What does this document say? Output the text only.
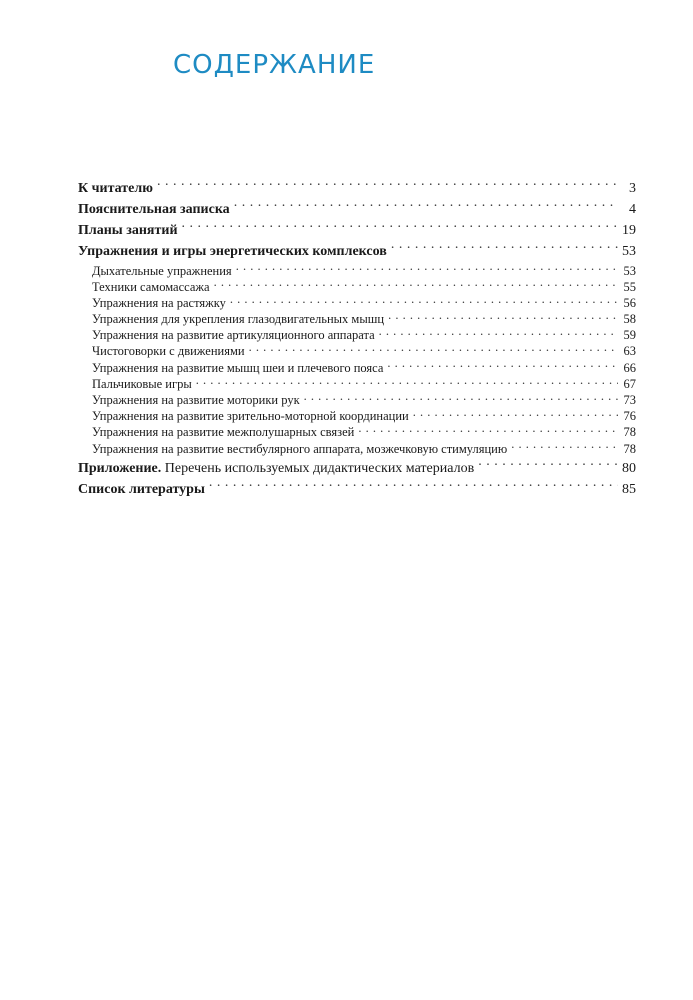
СОДЕРЖАНИЕ
К читателю . . .	3
Пояснительная записка . . .	4
Планы занятий . . .	19
Упражнения и игры энергетических комплексов . . .	53
Дыхательные упражнения . . .	53
Техники самомассажа . . .	55
Упражнения на растяжку . . .	56
Упражнения для укрепления глазодвигательных мышц . . .	58
Упражнения на развитие артикуляционного аппарата . . .	59
Чистоговорки с движениями . . .	63
Упражнения на развитие мышц шеи и плечевого пояса . . .	66
Пальчиковые игры . . .	67
Упражнения на развитие моторики рук . . .	73
Упражнения на развитие зрительно-моторной координации . . .	76
Упражнения на развитие межполушарных связей . . .	78
Упражнения на развитие вестибулярного аппарата, мозжечковую стимуляцию . . .	78
Приложение. Перечень используемых дидактических материалов . . .	80
Список литературы . . .	85
